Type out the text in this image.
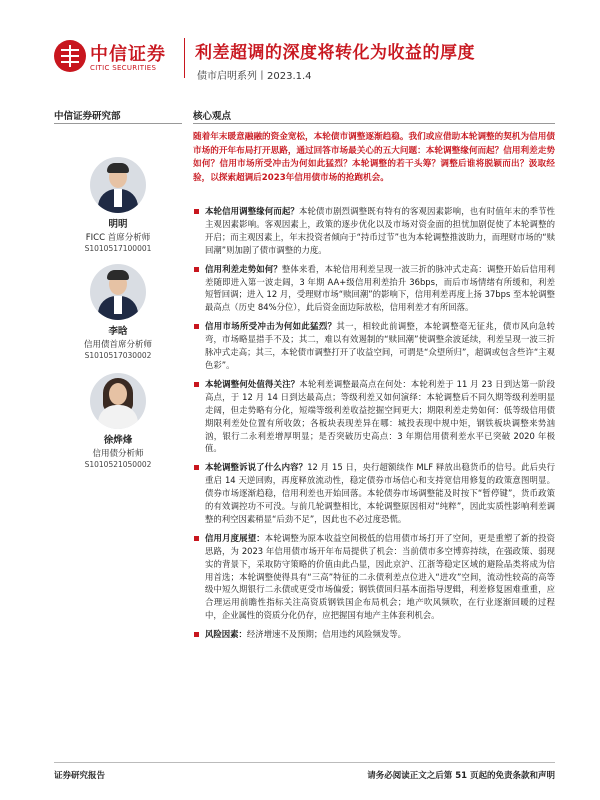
中信证券
CITIC SECURITIES
利差超调的深度将转化为收益的厚度
债市启明系列丨2023.1.4
中信证券研究部	核心观点
明明
FICC 首席分析师
S1010517100001
李晗
信用债首席分析师
S1010517030002
徐烨烽
信用债分析师
S1010521050002
随着年末暖意融融的资金宽松，本轮债市调整逐渐趋稳。我们或应借助本轮调整的契机为信用债市场的开年布局打开思路，通过回答市场最关心的五大问题：本轮调整缘何而起？信用利差走势如何？信用市场所受冲击为何如此猛烈？本轮调整的若干头筹？调整后谁将脱颖而出？汲取经验，以探索超调后2023年信用债市场的抢跑机会。
本轮信用调整缘何而起？本轮债市剧烈调整既有特有的客观因素影响，也有时值年末的季节性主观因素影响。客观因素上，政策的逐步优化以及市场对资金面的担忧加剧促使了本轮调整的开启；而主观因素上，年末投资者倾向于“持币过节”也为本轮调整推波助力，而理财市场的“赎回潮”则加剧了债市调整的力度。
信用利差走势如何？整体来看，本轮信用利差呈现一波三折的脉冲式走高：调整开始后信用利差随即进入第一波走阔，3 年期 AA+级信用利差抬升 36bps，而后市场情绪有所缓和，利差短暂回调；进入 12 月，受理财市场“赎回潮”的影响下，信用利差再度上扬 37bps 至本轮调整最高点（历史 84%分位），此后资金面边际放松，信用利差才有所回落。
信用市场所受冲击为何如此猛烈？其一，相较此前调整，本轮调整毫无征兆，债市风向急转弯，市场略显措手不及；其二，难以有效遏制的“赎回潮”使调整余波延续，利差呈现一波三折脉冲式走高；其三，本轮债市调整打开了收益空间，可谓是“众望所归”，超调或包含些许“主观色彩”。
本轮调整何处值得关注？本轮利差调整最高点在何处：本轮利差于 11 月 23 日到达第一阶段高点，于 12 月 14 日到达最高点；等级利差又如何演绎：本轮调整后不同久期等级利差明显走阔，但走势略有分化，短端等级利差收益挖掘空间更大；期限利差走势如何：低等级信用债期限利差处位置有所收敛；各板块表现差异在哪：城投表现中规中矩，钢铁板块调整来势汹汹，银行二永利差增厚明显；是否突破历史高点：3 年期信用债利差水平已突破 2020 年极值。
本轮调整诉说了什么内容？12 月 15 日，央行超额续作 MLF 释放出稳货币的信号。此后央行重启 14 天逆回购，再度释放流动性，稳定债券市场信心和支持宽信用修复的政策意图明显。债券市场逐渐趋稳，信用利差也开始回落。本轮债券市场调整能及时按下“暂停键”，货币政策的有效调控功不可没。与前几轮调整相比，本轮调整原因相对“纯粹”，因此实质性影响利差调整的利空因素稍显“后劲不足”，因此也不必过度恐慌。
信用月度展望：本轮调整为原本收益空间极低的信用债市场打开了空间，更是重塑了新的投资思路，为 2023 年信用债市场开年布局提供了机会：当前债市多空博弈持续，在强政策、弱现实的背景下，采取防守策略的价值由此凸显，因此京沪、江浙等稳定区域的避险品类将成为信用首选；本轮调整使得具有“三高”特征的二永债利差点位进入“进攻”空间，流动性较高的高等级中短久期银行二永债或更受市场偏爱；钢铁债回归基本面指导逻辑，利差修复困难重重，应合理运用前瞻性指标关注高资质钢铁国企布局机会；地产吹风频吹，在行业逐渐回暖的过程中，企业属性的资质分化仍存，应把握国有地产主体套利机会。
风险因素：经济增速不及预期；信用违约风险频发等。
证券研究报告	请务必阅读正文之后第 51 页起的免责条款和声明
